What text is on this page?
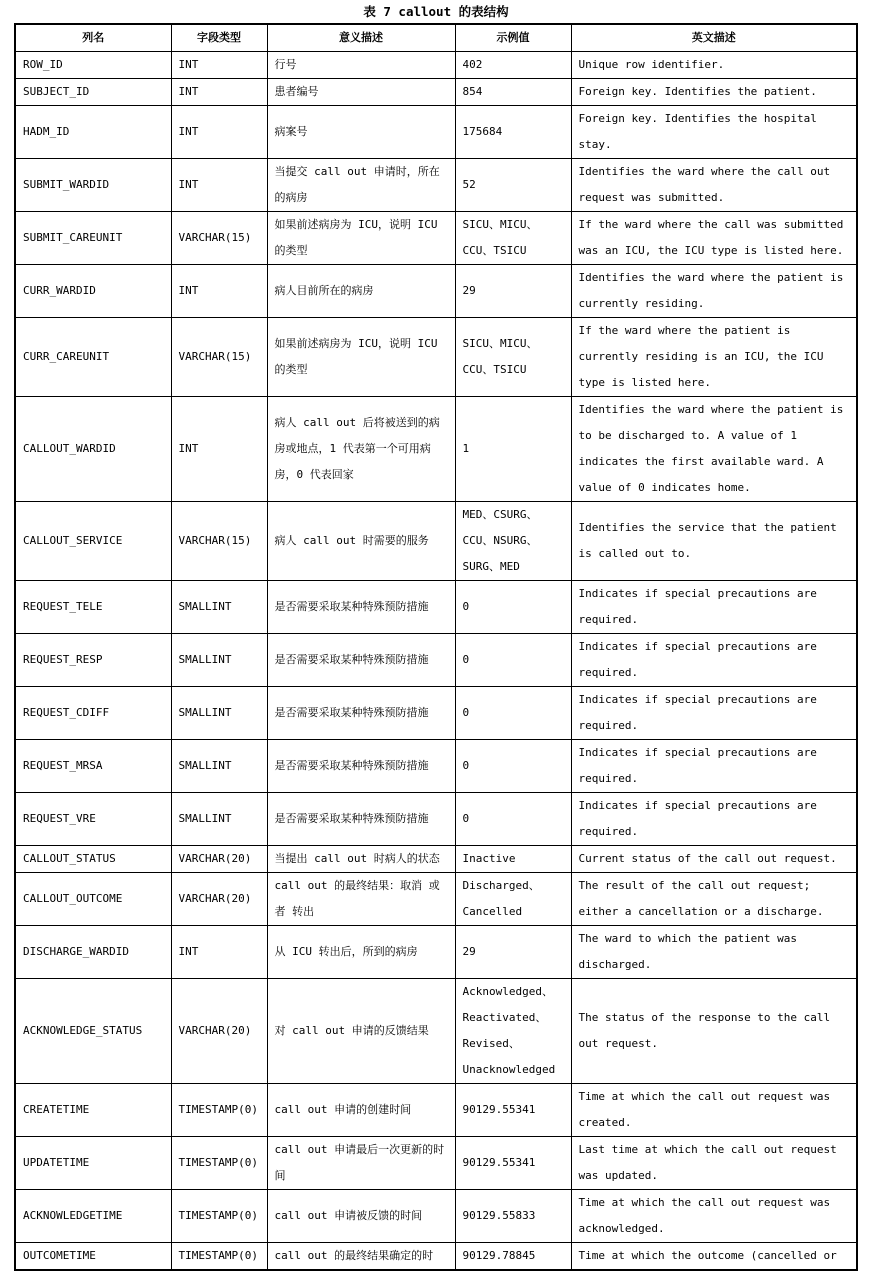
表 7 callout 的表结构
列名	字段类型	意义描述	示例值	英文描述
ROW_ID	INT	行号	402	Unique row identifier.
SUBJECT_ID	INT	患者编号	854	Foreign key. Identifies the patient.
HADM_ID	INT	病案号	175684	Foreign key. Identifies the hospital stay.
SUBMIT_WARDID	INT	当提交 call out 申请时，所在的病房	52	Identifies the ward where the call out request was submitted.
SUBMIT_CAREUNIT	VARCHAR(15)	如果前述病房为 ICU，说明 ICU 的类型	SICU、MICU、CCU、TSICU	If the ward where the call was submitted was an ICU, the ICU type is listed here.
CURR_WARDID	INT	病人目前所在的病房	29	Identifies the ward where the patient is currently residing.
CURR_CAREUNIT	VARCHAR(15)	如果前述病房为 ICU，说明 ICU 的类型	SICU、MICU、CCU、TSICU	If the ward where the patient is currently residing is an ICU, the ICU type is listed here.
CALLOUT_WARDID	INT	病人 call out 后将被送到的病房或地点，1 代表第一个可用病房，0 代表回家	1	Identifies the ward where the patient is to be discharged to. A value of 1 indicates the first available ward. A value of 0 indicates home.
CALLOUT_SERVICE	VARCHAR(15)	病人 call out 时需要的服务	MED、CSURG、CCU、NSURG、SURG、MED	Identifies the service that the patient is called out to.
REQUEST_TELE	SMALLINT	是否需要采取某种特殊预防措施	0	Indicates if special precautions are required.
REQUEST_RESP	SMALLINT	是否需要采取某种特殊预防措施	0	Indicates if special precautions are required.
REQUEST_CDIFF	SMALLINT	是否需要采取某种特殊预防措施	0	Indicates if special precautions are required.
REQUEST_MRSA	SMALLINT	是否需要采取某种特殊预防措施	0	Indicates if special precautions are required.
REQUEST_VRE	SMALLINT	是否需要采取某种特殊预防措施	0	Indicates if special precautions are required.
CALLOUT_STATUS	VARCHAR(20)	当提出 call out 时病人的状态	Inactive	Current status of the call out request.
CALLOUT_OUTCOME	VARCHAR(20)	call out 的最终结果：取消 或者 转出	Discharged、Cancelled	The result of the call out request; either a cancellation or a discharge.
DISCHARGE_WARDID	INT	从 ICU 转出后，所到的病房	29	The ward to which the patient was discharged.
ACKNOWLEDGE_STATUS	VARCHAR(20)	对 call out 申请的反馈结果	Acknowledged、Reactivated、Revised、Unacknowledged	The status of the response to the call out request.
CREATETIME	TIMESTAMP(0)	call out 申请的创建时间	90129.55341	Time at which the call out request was created.
UPDATETIME	TIMESTAMP(0)	call out 申请最后一次更新的时间	90129.55341	Last time at which the call out request was updated.
ACKNOWLEDGETIME	TIMESTAMP(0)	call out 申请被反馈的时间	90129.55833	Time at which the call out request was acknowledged.
OUTCOMETIME	TIMESTAMP(0)	call out 的最终结果确定的时	90129.78845	Time at which the outcome (cancelled or
